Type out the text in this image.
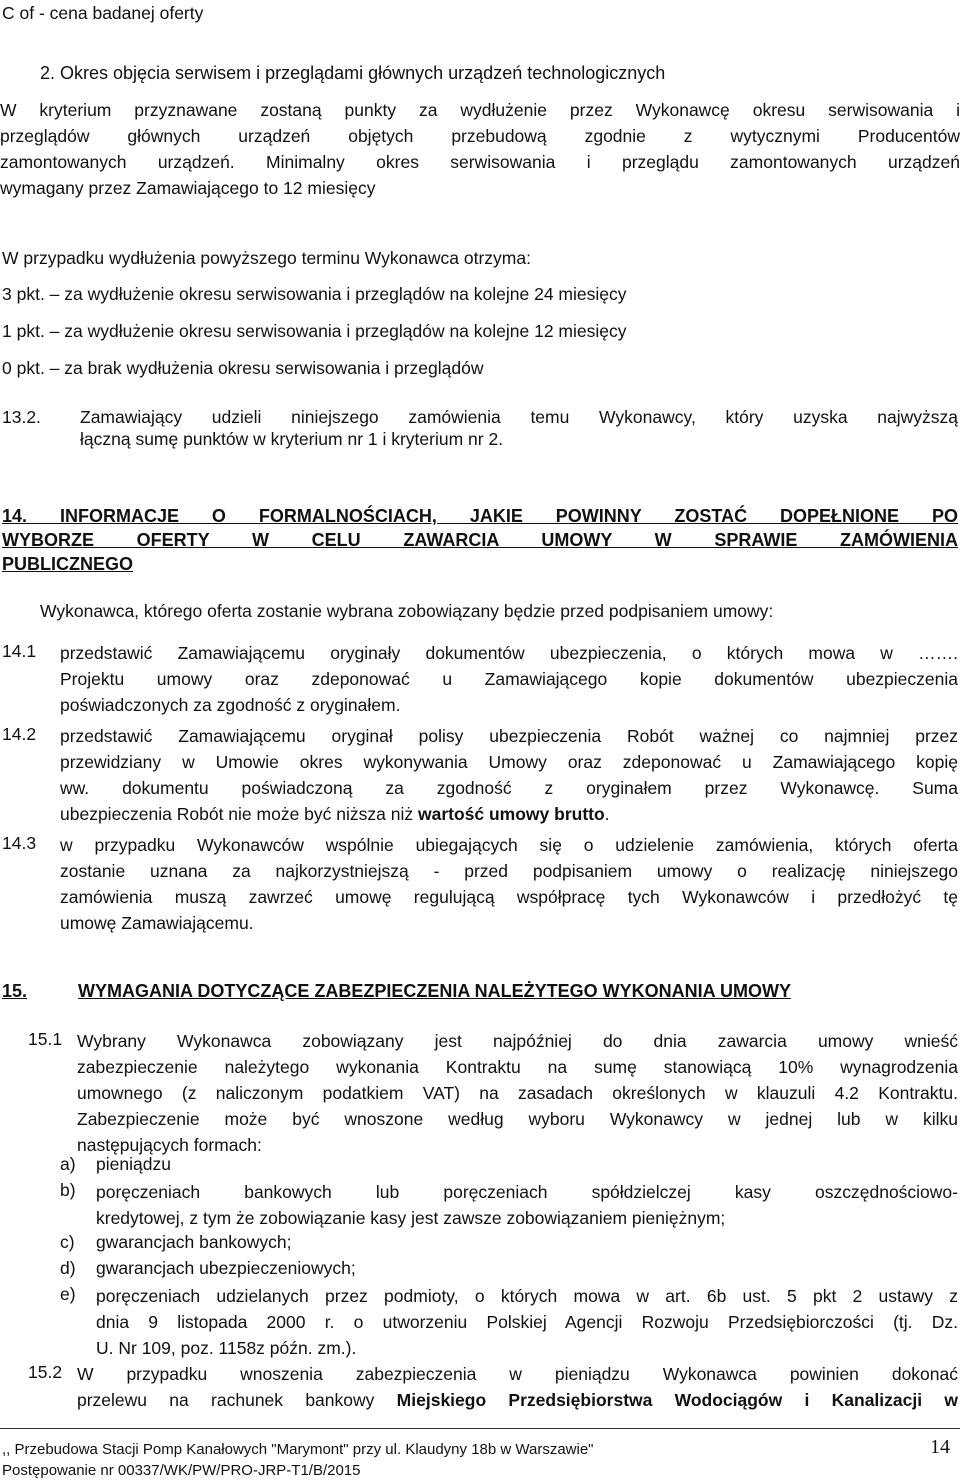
C of - cena badanej oferty
2. Okres objęcia serwisem i przeglądami głównych urządzeń technologicznych
W kryterium przyznawane zostaną punkty za wydłużenie przez Wykonawcę okresu serwisowania i
przeglądów głównych urządzeń objętych przebudową zgodnie z wytycznymi Producentów
zamontowanych urządzeń. Minimalny okres serwisowania i przeglądu zamontowanych urządzeń
wymagany przez Zamawiającego to 12 miesięcy
W przypadku wydłużenia powyższego terminu Wykonawca otrzyma:
3 pkt. – za wydłużenie okresu serwisowania i przeglądów na kolejne 24 miesięcy
1 pkt. – za wydłużenie okresu serwisowania i przeglądów na kolejne 12 miesięcy
0 pkt. – za brak wydłużenia okresu serwisowania i przeglądów
13.2. Zamawiający udzieli niniejszego zamówienia temu Wykonawcy, który uzyska najwyższą
łączną sumę punktów w kryterium nr 1 i kryterium nr 2.
14. INFORMACJE O FORMALNOŚCIACH, JAKIE POWINNY ZOSTAĆ DOPEŁNIONE PO
WYBORZE OFERTY W CELU ZAWARCIA UMOWY W SPRAWIE ZAMÓWIENIA
PUBLICZNEGO
Wykonawca, którego oferta zostanie wybrana zobowiązany będzie przed podpisaniem umowy:
14.1 przedstawić Zamawiającemu oryginały dokumentów ubezpieczenia, o których mowa w …….
Projektu umowy oraz zdeponować u Zamawiającego kopie dokumentów ubezpieczenia
poświadczonych za zgodność z oryginałem.
14.2 przedstawić Zamawiającemu oryginał polisy ubezpieczenia Robót ważnej co najmniej przez
przewidziany w Umowie okres wykonywania Umowy oraz zdeponować u Zamawiającego kopię
ww. dokumentu poświadczoną za zgodność z oryginałem przez Wykonawcę. Suma
ubezpieczenia Robót nie może być niższa niż wartość umowy brutto.
14.3 w przypadku Wykonawców wspólnie ubiegających się o udzielenie zamówienia, których oferta
zostanie uznana za najkorzystniejszą - przed podpisaniem umowy o realizację niniejszego
zamówienia muszą zawrzeć umowę regulującą współpracę tych Wykonawców i przedłożyć tę
umowę Zamawiającemu.
15.	WYMAGANIA DOTYCZĄCE ZABEZPIECZENIA NALEŻYTEGO WYKONANIA UMOWY
15.1 Wybrany Wykonawca zobowiązany jest najpóźniej do dnia zawarcia umowy wnieść
zabezpieczenie należytego wykonania Kontraktu na sumę stanowiącą 10% wynagrodzenia
umownego (z naliczonym podatkiem VAT) na zasadach określonych w klauzuli 4.2 Kontraktu.
Zabezpieczenie może być wnoszone według wyboru Wykonawcy w jednej lub w kilku
następujących formach:
a) pieniądzu
b) poręczeniach bankowych lub poręczeniach spółdzielczej kasy oszczędnościowo-
kredytowej, z tym że zobowiązanie kasy jest zawsze zobowiązaniem pieniężnym;
c) gwarancjach bankowych;
d) gwarancjach ubezpieczeniowych;
e) poręczeniach udzielanych przez podmioty, o których mowa w art. 6b ust. 5 pkt 2 ustawy z
dnia 9 listopada 2000 r. o utworzeniu Polskiej Agencji Rozwoju Przedsiębiorczości (tj. Dz.
U. Nr 109, poz. 1158z późn. zm.).
15.2 W przypadku wnoszenia zabezpieczenia w pieniądzu Wykonawca powinien dokonać
przelewu na rachunek bankowy Miejskiego Przedsiębiorstwa Wodociągów i Kanalizacji w
,, Przebudowa Stacji Pomp Kanałowych "Marymont" przy ul. Klaudyny 18b w Warszawie"
Postępowanie nr 00337/WK/PW/PRO-JRP-T1/B/2015
14
